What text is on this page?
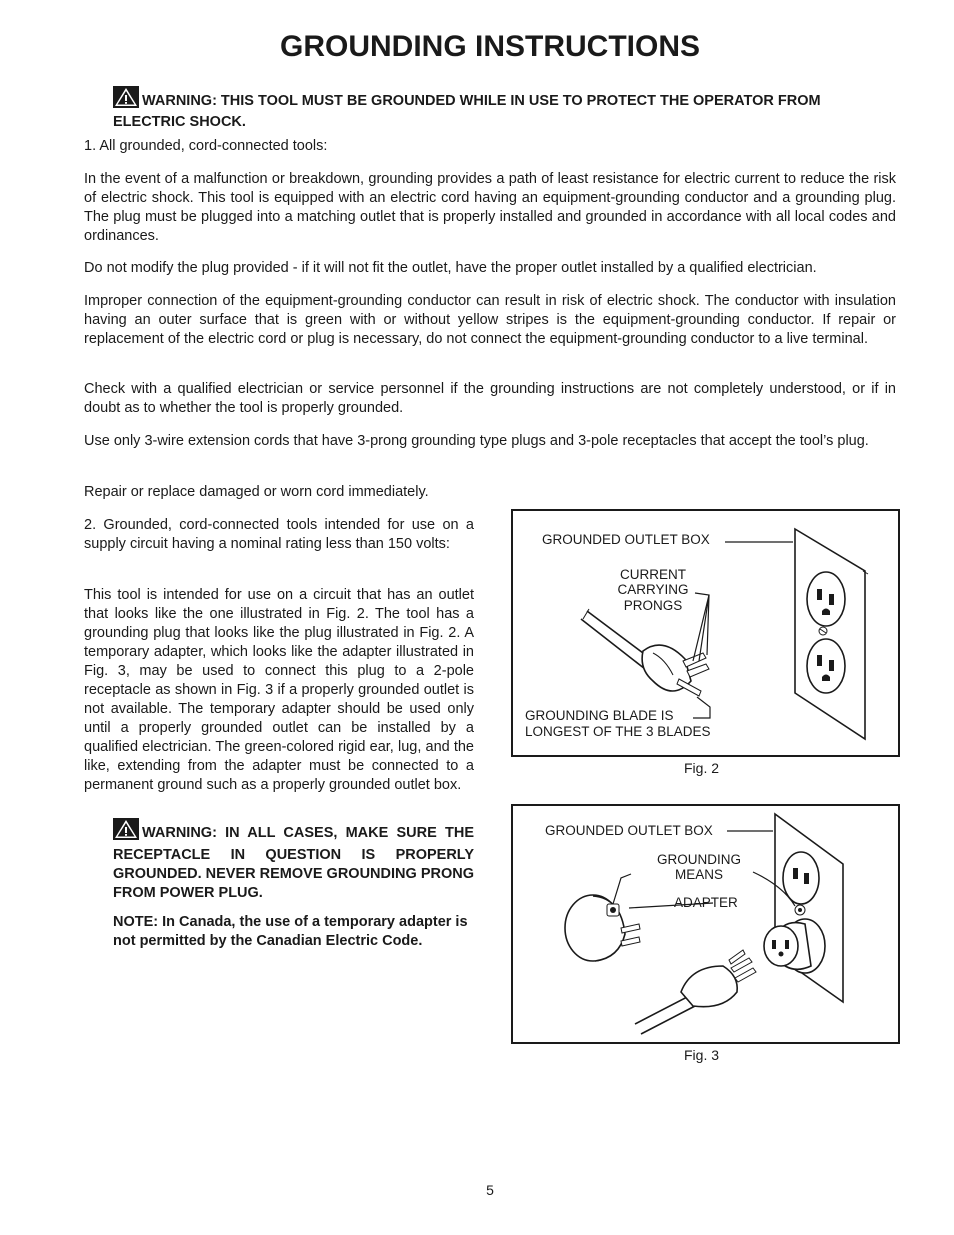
GROUNDING INSTRUCTIONS
WARNING: THIS TOOL MUST BE GROUNDED WHILE IN USE TO PROTECT THE OPERATOR FROM ELECTRIC SHOCK.

1. All grounded, cord-connected tools:

In the event of a malfunction or breakdown, grounding provides a path of least resistance for electric current to reduce the risk of electric shock. This tool is equipped with an electric cord having an equipment-grounding conductor and a grounding plug. The plug must be plugged into a matching outlet that is properly installed and grounded in accordance with all local codes and ordinances.

Do not modify the plug provided - if it will not fit the outlet, have the proper outlet installed by a qualified electrician.

Improper connection of the equipment-grounding conductor can result in risk of electric shock. The conductor with insulation having an outer surface that is green with or without yellow stripes is the equipment-grounding conductor. If repair or replacement of the electric cord or plug is necessary, do not connect the equipment-grounding conductor to a live terminal.

Check with a qualified electrician or service personnel if the grounding instructions are not completely understood, or if in doubt as to whether the tool is properly grounded.

Use only 3-wire extension cords that have 3-prong grounding type plugs and 3-pole receptacles that accept the tool’s plug.

Repair or replace damaged or worn cord immediately.

2. Grounded, cord-connected tools intended for use on a supply circuit having a nominal rating less than 150 volts:

This tool is intended for use on a circuit that has an outlet that looks like the one illustrated in Fig. 2. The tool has a grounding plug that looks like the plug illustrated in Fig. 2. A temporary adapter, which looks like the adapter illustrated in Fig. 3, may be used to connect this plug to a 2-pole receptacle as shown in Fig. 3 if a properly grounded outlet is not available. The temporary adapter should be used only until a properly grounded outlet can be installed by a qualified electrician. The green-colored rigid ear, lug, and the like, extending from the adapter must be connected to a permanent ground such as a properly grounded outlet box.

WARNING: IN ALL CASES, MAKE SURE THE RECEPTACLE IN QUESTION IS PROPERLY GROUNDED. NEVER REMOVE GROUNDING PRONG FROM POWER PLUG.
NOTE: In Canada, the use of a temporary adapter is not permitted by the Canadian Electric Code.
GROUNDED OUTLET BOX
CURRENT
CARRYING
PRONGS
GROUNDING BLADE IS
LONGEST OF THE 3 BLADES
Fig. 2
GROUNDED OUTLET BOX
GROUNDING
MEANS
ADAPTER
Fig. 3
5
